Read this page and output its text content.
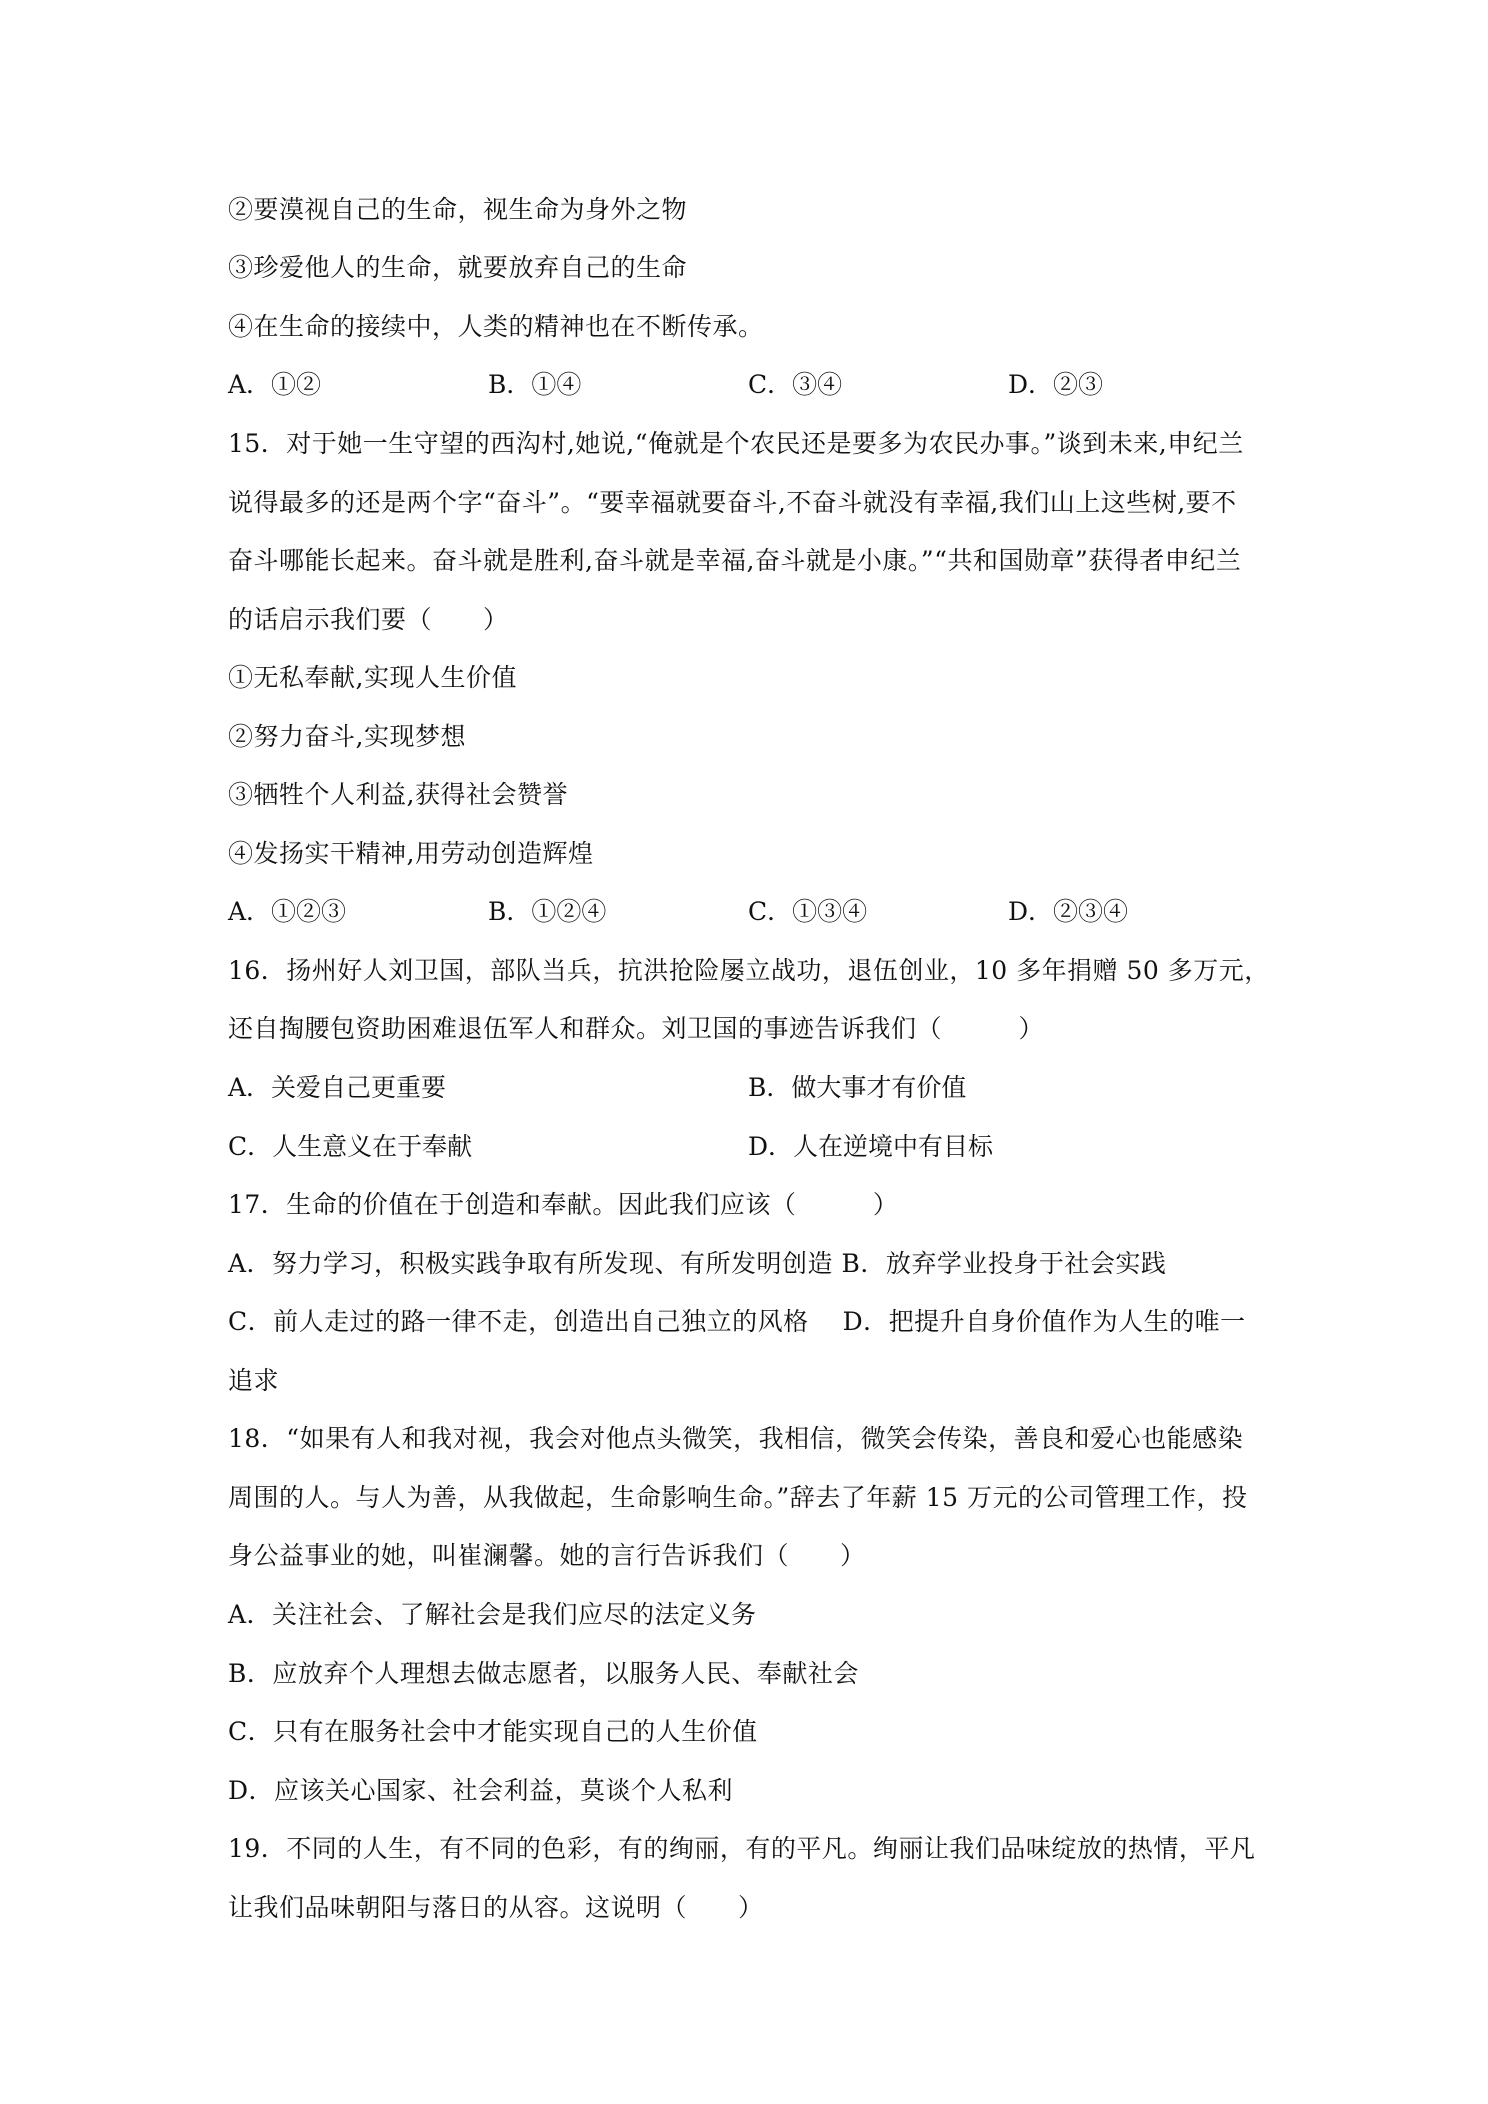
②要漠视自己的生命，视生命为身外之物
③珍爱他人的生命，就要放弃自己的生命
④在生命的接续中，人类的精神也在不断传承。
A．①②	B．①④	C．③④	D．②③
15．对于她一生守望的西沟村,她说,“俺就是个农民还是要多为农民办事。”谈到未来,申纪兰
说得最多的还是两个字“奋斗”。“要幸福就要奋斗,不奋斗就没有幸福,我们山上这些树,要不
奋斗哪能长起来。奋斗就是胜利,奋斗就是幸福,奋斗就是小康。”“共和国勋章”获得者申纪兰
的话启示我们要（　　）
①无私奉献,实现人生价值
②努力奋斗,实现梦想
③牺牲个人利益,获得社会赞誉
④发扬实干精神,用劳动创造辉煌
A．①②③	B．①②④	C．①③④	D．②③④
16．扬州好人刘卫国，部队当兵，抗洪抢险屡立战功，退伍创业，10 多年捐赠 50 多万元，
还自掏腰包资助困难退伍军人和群众。刘卫国的事迹告诉我们（　　　）
A．关爱自己更重要	B．做大事才有价值
C．人生意义在于奉献	D．人在逆境中有目标
17．生命的价值在于创造和奉献。因此我们应该（　　　）
A．努力学习，积极实践争取有所发现、有所发明创造 B．放弃学业投身于社会实践
C．前人走过的路一律不走，创造出自己独立的风格　 D．把提升自身价值作为人生的唯一
追求
18．“如果有人和我对视，我会对他点头微笑，我相信，微笑会传染，善良和爱心也能感染
周围的人。与人为善，从我做起，生命影响生命。”辞去了年薪 15 万元的公司管理工作，投
身公益事业的她，叫崔澜馨。她的言行告诉我们（　　）
A．关注社会、了解社会是我们应尽的法定义务
B．应放弃个人理想去做志愿者，以服务人民、奉献社会
C．只有在服务社会中才能实现自己的人生价值
D．应该关心国家、社会利益，莫谈个人私利
19．不同的人生，有不同的色彩，有的绚丽，有的平凡。绚丽让我们品味绽放的热情，平凡
让我们品味朝阳与落日的从容。这说明（　　）
